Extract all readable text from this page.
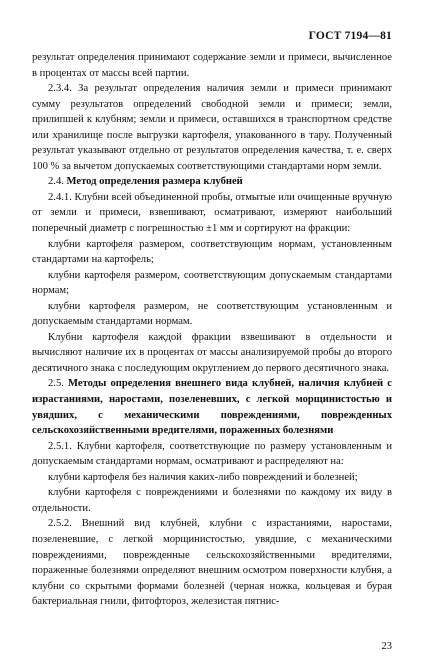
ГОСТ 7194—81

результат определения принимают содержание земли и примеси, вычисленное в процентах от массы всей партии.

2.3.4. За результат определения наличия земли и примеси принимают сумму результатов определений свободной земли и примеси; земли, прилипшей к клубням; земли и примеси, оставшихся в транспортном средстве или хранилище после выгрузки картофеля, упакованного в тару. Полученный результат указывают отдельно от результатов определения качества, т. е. сверх 100 % за вычетом допускаемых соответствующими стандартами норм земли.

2.4. Метод определения размера клубней

2.4.1. Клубни всей объединенной пробы, отмытые или очищенные вручную от земли и примеси, взвешивают, осматривают, измеряют наибольший поперечный диаметр с погрешностью ±1 мм и сортируют на фракции:

клубни картофеля размером, соответствующим нормам, установленным стандартами на картофель;

клубни картофеля размером, соответствующим допускаемым стандартами нормам;

клубни картофеля размером, не соответствующим установленным и допускаемым стандартами нормам.

Клубни картофеля каждой фракции взвешивают в отдельности и вычисляют наличие их в процентах от массы анализируемой пробы до второго десятичного знака с последующим округлением до первого десятичного знака.

2.5. Методы определения внешнего вида клубней, наличия клубней с израстаниями, наростами, позеленевших, с легкой морщинистостью и увядших, с механическими повреждениями, поврежденных сельскохозяйственными вредителями, пораженных болезнями

2.5.1. Клубни картофеля, соответствующие по размеру установленным и допускаемым стандартами нормам, осматривают и распределяют на:

клубни картофеля без наличия каких-либо повреждений и болезней;

клубни картофеля с повреждениями и болезнями по каждому их виду в отдельности.

2.5.2. Внешний вид клубней, клубни с израстаниями, наростами, позеленевшие, с легкой морщинистостью, увядшие, с механическими повреждениями, поврежденные сельскохозяйственными вредителями, пораженные болезнями определяют внешним осмотром поверхности клубня, а клубни со скрытыми формами болезней (черная ножка, кольцевая и бурая бактериальная гнили, фитофтороз, железистая пятнис-

23
